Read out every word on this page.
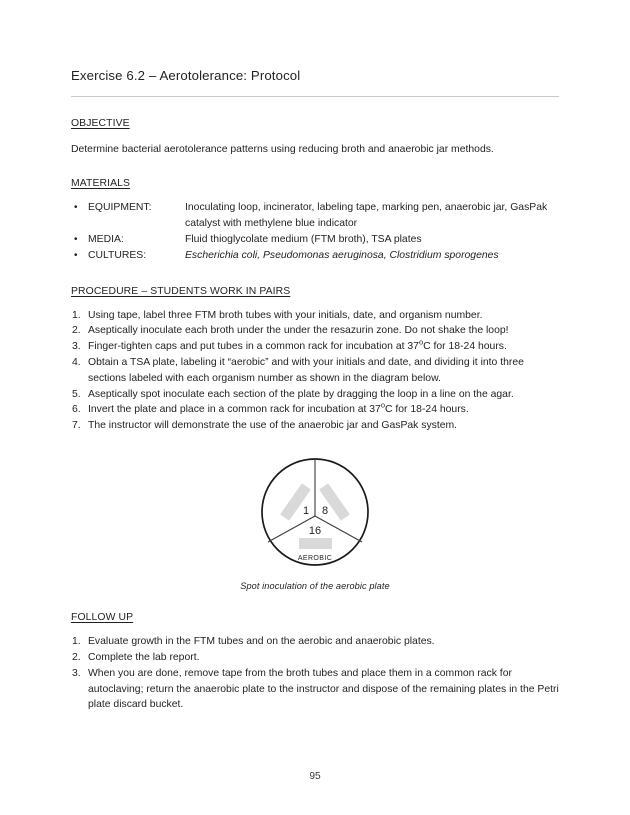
Exercise 6.2 – Aerotolerance: Protocol
OBJECTIVE
Determine bacterial aerotolerance patterns using reducing broth and anaerobic jar methods.
MATERIALS
•	EQUIPMENT:	Inoculating loop, incinerator, labeling tape, marking pen, anaerobic jar, GasPak catalyst with methylene blue indicator
•	MEDIA:	Fluid thioglycolate medium (FTM broth), TSA plates
•	CULTURES:	Escherichia coli, Pseudomonas aeruginosa, Clostridium sporogenes
PROCEDURE – STUDENTS WORK IN PAIRS
1. Using tape, label three FTM broth tubes with your initials, date, and organism number.
2. Aseptically inoculate each broth under the under the resazurin zone. Do not shake the loop!
3. Finger-tighten caps and put tubes in a common rack for incubation at 37$^o$C for 18-24 hours.
4. Obtain a TSA plate, labeling it “aerobic” and with your initials and date, and dividing it into three sections labeled with each organism number as shown in the diagram below.
5. Aseptically spot inoculate each section of the plate by dragging the loop in a line on the agar.
6. Invert the plate and place in a common rack for incubation at 37$^o$C for 18-24 hours.
7. The instructor will demonstrate the use of the anaerobic jar and GasPak system.
1 8
16
AEROBIC
Spot inoculation of the aerobic plate
FOLLOW UP
1. Evaluate growth in the FTM tubes and on the aerobic and anaerobic plates.
2. Complete the lab report.
3. When you are done, remove tape from the broth tubes and place them in a common rack for autoclaving; return the anaerobic plate to the instructor and dispose of the remaining plates in the Petri plate discard bucket.
95
